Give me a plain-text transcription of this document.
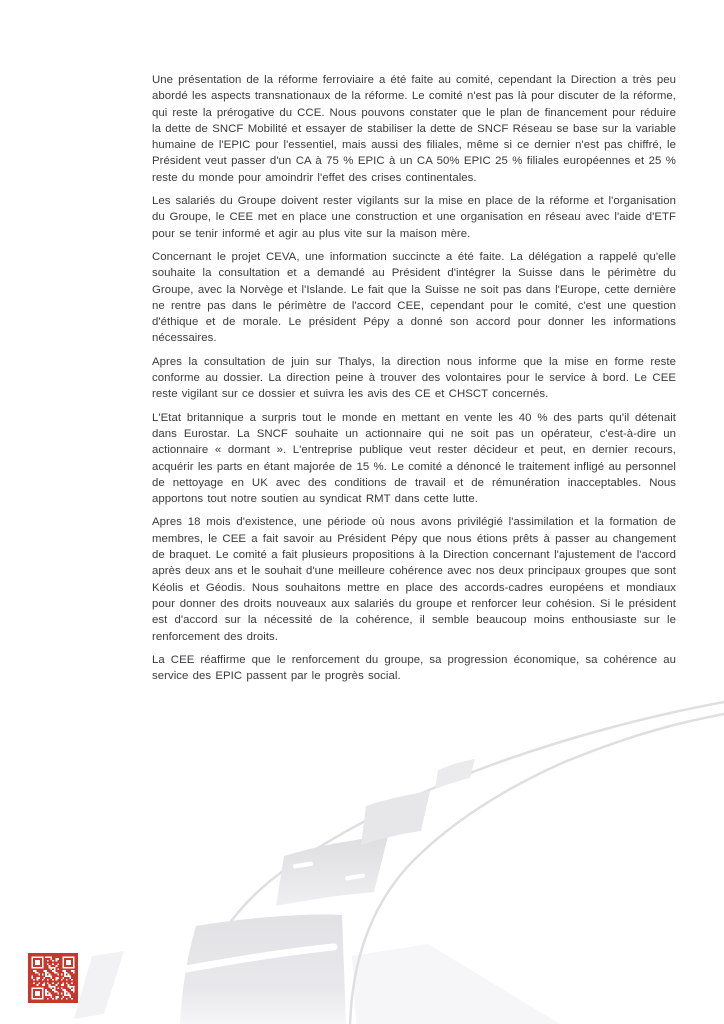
Une présentation de la réforme ferroviaire a été faite au comité, cependant la Direction a très peu abordé les aspects transnationaux de la réforme. Le comité n'est pas là pour discuter de la réforme, qui reste la prérogative du CCE. Nous pouvons constater que le plan de financement pour réduire la dette de SNCF Mobilité et essayer de stabiliser la dette de SNCF Réseau se base sur la variable humaine de l'EPIC pour l'essentiel, mais aussi des filiales, même si ce dernier n'est pas chiffré, le Président veut passer d'un CA à 75 % EPIC à un CA 50% EPIC 25 % filiales européennes et 25 % reste du monde pour amoindrir l'effet des crises continentales.

Les salariés du Groupe doivent rester vigilants sur la mise en place de la réforme et l'organisation du Groupe, le CEE met en place une construction et une organisation en réseau avec l'aide d'ETF pour se tenir informé et agir au plus vite sur la maison mère.

Concernant le projet CEVA, une information succincte a été faite. La délégation a rappelé qu'elle souhaite la consultation et a demandé au Président d'intégrer la Suisse dans le périmètre du Groupe, avec la Norvège et l'Islande. Le fait que la Suisse ne soit pas dans l'Europe, cette dernière ne rentre pas dans le périmètre de l'accord CEE, cependant pour le comité, c'est une question d'éthique et de morale. Le président Pépy a donné son accord pour donner les informations nécessaires.

Apres la consultation de juin sur Thalys, la direction nous informe que la mise en forme reste conforme au dossier. La direction peine à trouver des volontaires pour le service à bord. Le CEE reste vigilant sur ce dossier et suivra les avis des CE et CHSCT concernés.

L'Etat britannique a surpris tout le monde en mettant en vente les 40 % des parts qu'il détenait dans Eurostar. La SNCF souhaite un actionnaire qui ne soit pas un opérateur, c'est-à-dire un actionnaire « dormant ». L'entreprise publique veut rester décideur et peut, en dernier recours, acquérir les parts en étant majorée de 15 %. Le comité a dénoncé le traitement infligé au personnel de nettoyage en UK avec des conditions de travail et de rémunération inacceptables. Nous apportons tout notre soutien au syndicat RMT dans cette lutte.

Apres 18 mois d'existence, une période où nous avons privilégié l'assimilation et la formation de membres, le CEE a fait savoir au Président Pépy que nous étions prêts à passer au changement de braquet. Le comité a fait plusieurs propositions à la Direction concernant l'ajustement de l'accord après deux ans et le souhait d'une meilleure cohérence avec nos deux principaux groupes que sont Kéolis et Géodis. Nous souhaitons mettre en place des accords-cadres européens et mondiaux pour donner des droits nouveaux aux salariés du groupe et renforcer leur cohésion. Si le président est d'accord sur la nécessité de la cohérence, il semble beaucoup moins enthousiaste sur le renforcement des droits.

La CEE réaffirme que le renforcement du groupe, sa progression économique, sa cohérence au service des EPIC passent par le progrès social.
